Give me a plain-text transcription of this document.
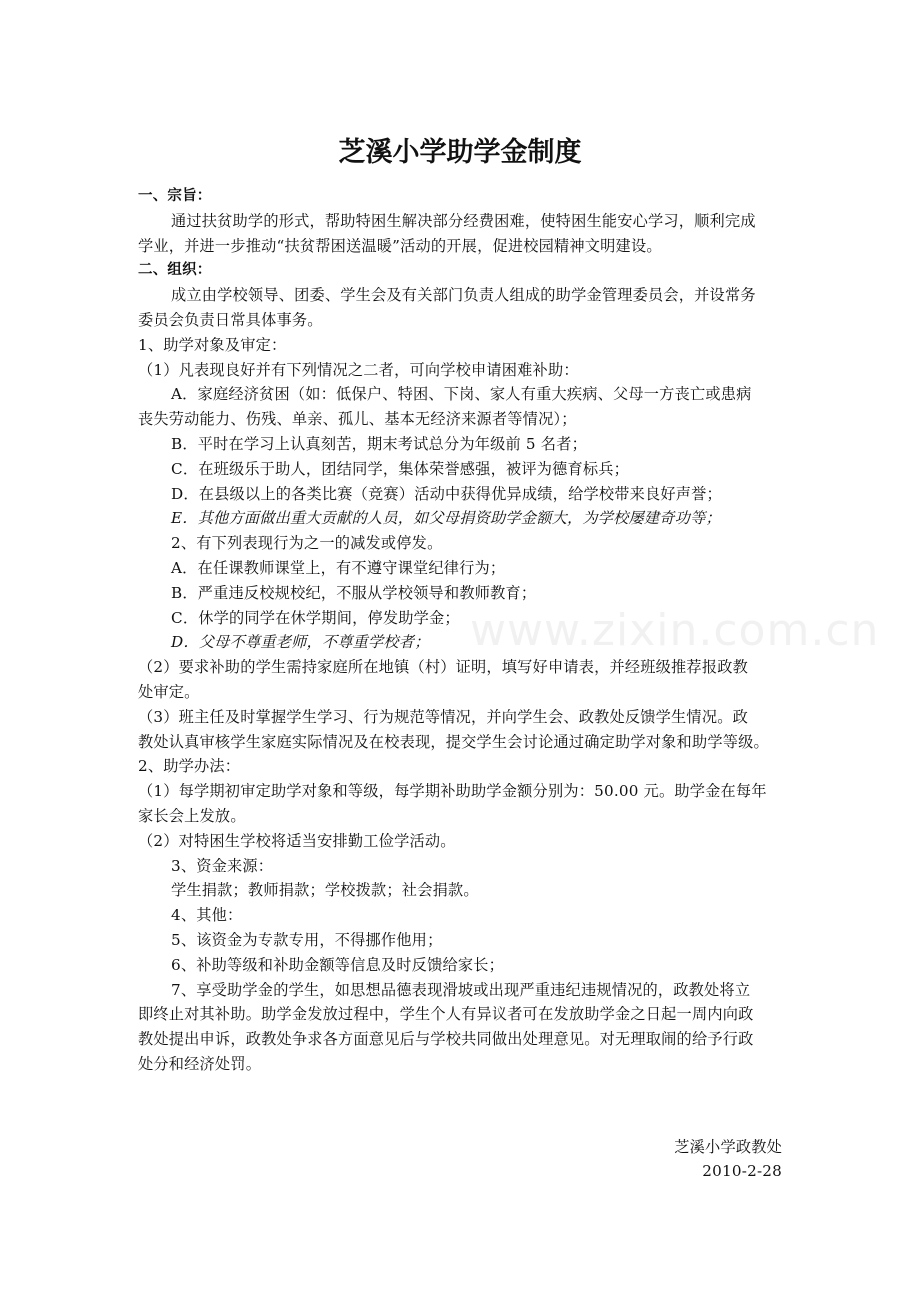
www.zixin.com.cn
芝溪小学助学金制度
一、宗旨：
通过扶贫助学的形式，帮助特困生解决部分经费困难，使特困生能安心学习，顺利完成
学业，并进一步推动“扶贫帮困送温暖”活动的开展，促进校园精神文明建设。
二、组织：
成立由学校领导、团委、学生会及有关部门负责人组成的助学金管理委员会，并设常务
委员会负责日常具体事务。
1、助学对象及审定：
（1）凡表现良好并有下列情况之二者，可向学校申请困难补助：
A．家庭经济贫困（如：低保户、特困、下岗、家人有重大疾病、父母一方丧亡或患病
丧失劳动能力、伤残、单亲、孤儿、基本无经济来源者等情况）；
B．平时在学习上认真刻苦，期末考试总分为年级前 5 名者；
C．在班级乐于助人，团结同学，集体荣誉感强，被评为德育标兵；
D．在县级以上的各类比赛（竞赛）活动中获得优异成绩，给学校带来良好声誉；
E．其他方面做出重大贡献的人员，如父母捐资助学金额大，为学校屡建奇功等；
2、有下列表现行为之一的减发或停发。
A．在任课教师课堂上，有不遵守课堂纪律行为；
B．严重违反校规校纪，不服从学校领导和教师教育；
C．休学的同学在休学期间，停发助学金；
D．父母不尊重老师，不尊重学校者；
（2）要求补助的学生需持家庭所在地镇（村）证明，填写好申请表，并经班级推荐报政教
处审定。
（3）班主任及时掌握学生学习、行为规范等情况，并向学生会、政教处反馈学生情况。政
教处认真审核学生家庭实际情况及在校表现，提交学生会讨论通过确定助学对象和助学等级。
2、助学办法：
（1）每学期初审定助学对象和等级，每学期补助助学金额分别为：50.00 元。助学金在每年
家长会上发放。
（2）对特困生学校将适当安排勤工俭学活动。
3、资金来源：
学生捐款；教师捐款；学校拨款；社会捐款。
4、其他：
5、该资金为专款专用，不得挪作他用；
6、补助等级和补助金额等信息及时反馈给家长；
7、享受助学金的学生，如思想品德表现滑坡或出现严重违纪违规情况的，政教处将立
即终止对其补助。助学金发放过程中，学生个人有异议者可在发放助学金之日起一周内向政
教处提出申诉，政教处争求各方面意见后与学校共同做出处理意见。对无理取闹的给予行政
处分和经济处罚。
芝溪小学政教处
2010-2-28
